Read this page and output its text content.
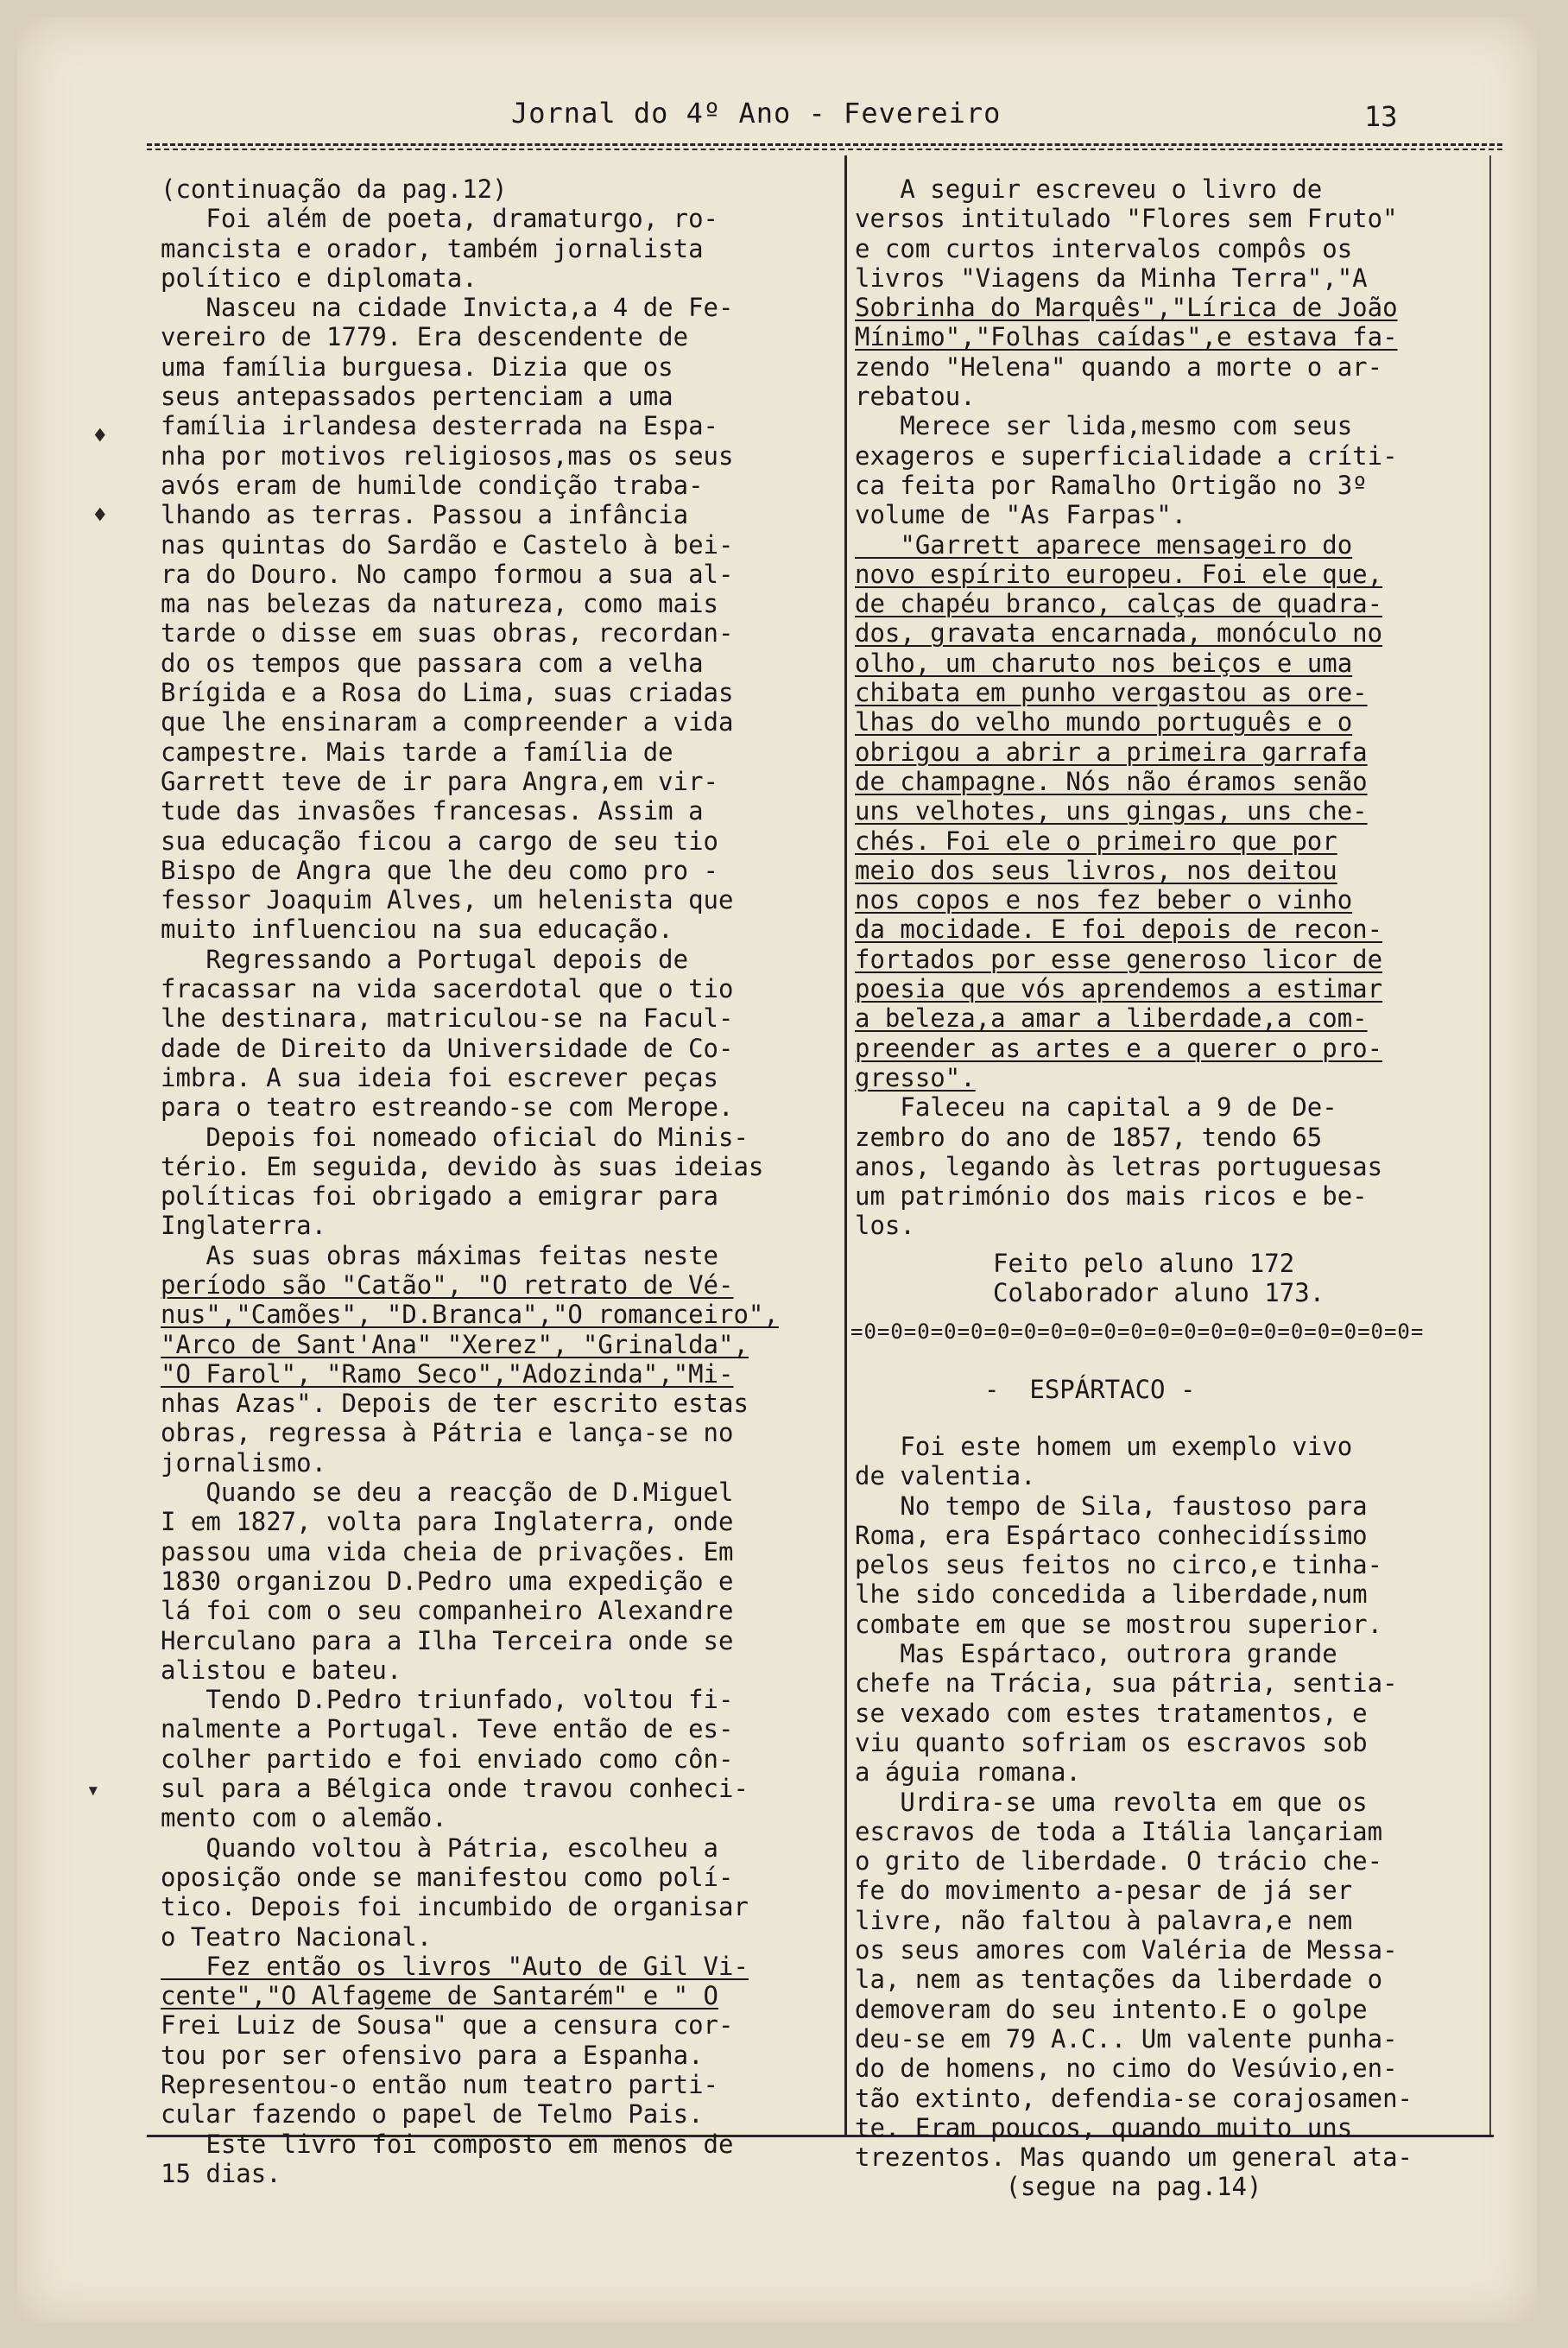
Jornal do 4º Ano - Fevereiro	13
♦
♦
▾

(continuação da pag.12)

Foi além de poeta, dramaturgo, ro-

mancista e orador, também jornalista

político e diplomata.

Nasceu na cidade Invicta,a 4 de Fe-

vereiro de 1779. Era descendente de

uma família burguesa. Dizia que os

seus antepassados pertenciam a uma

família irlandesa desterrada na Espa-

nha por motivos religiosos,mas os seus

avós eram de humilde condição traba-

lhando as terras. Passou a infância

nas quintas do Sardão e Castelo à bei-

ra do Douro. No campo formou a sua al-

ma nas belezas da natureza, como mais

tarde o disse em suas obras, recordan-

do os tempos que passara com a velha

Brígida e a Rosa do Lima, suas criadas

que lhe ensinaram a compreender a vida

campestre. Mais tarde a família de

Garrett teve de ir para Angra,em vir-

tude das invasões francesas. Assim a

sua educação ficou a cargo de seu tio

Bispo de Angra que lhe deu como pro -

fessor Joaquim Alves, um helenista que

muito influenciou na sua educação.

Regressando a Portugal depois de

fracassar na vida sacerdotal que o tio

lhe destinara, matriculou-se na Facul-

dade de Direito da Universidade de Co-

imbra. A sua ideia foi escrever peças

para o teatro estreando-se com Merope.

Depois foi nomeado oficial do Minis-

tério. Em seguida, devido às suas ideias

políticas foi obrigado a emigrar para

Inglaterra.

As suas obras máximas feitas neste

período são "Catão", "O retrato de Vé-

nus","Camões", "D.Branca","O romanceiro",

"Arco de Sant'Ana" "Xerez", "Grinalda",

"O Farol", "Ramo Seco","Adozinda","Mi-

nhas Azas". Depois de ter escrito estas

obras, regressa à Pátria e lança-se no

jornalismo.

Quando se deu a reacção de D.Miguel

I em 1827, volta para Inglaterra, onde

passou uma vida cheia de privações. Em

1830 organizou D.Pedro uma expedição e

lá foi com o seu companheiro Alexandre

Herculano para a Ilha Terceira onde se

alistou e bateu.

Tendo D.Pedro triunfado, voltou fi-

nalmente a Portugal. Teve então de es-

colher partido e foi enviado como côn-

sul para a Bélgica onde travou conheci-

mento com o alemão.

Quando voltou à Pátria, escolheu a

oposição onde se manifestou como polí-

tico. Depois foi incumbido de organisar

o Teatro Nacional.

Fez então os livros "Auto de Gil Vi-

cente","O Alfageme de Santarém" e " O

Frei Luiz de Sousa" que a censura cor-

tou por ser ofensivo para a Espanha.

Representou-o então num teatro parti-

cular fazendo o papel de Telmo Pais.

Este livro foi composto em menos de

15 dias.

A seguir escreveu o livro de

versos intitulado "Flores sem Fruto"

e com curtos intervalos compôs os

livros "Viagens da Minha Terra","A

Sobrinha do Marquês","Lírica de João

Mínimo","Folhas caídas",e estava fa-

zendo "Helena" quando a morte o ar-

rebatou.

Merece ser lida,mesmo com seus

exageros e superficialidade a críti-

ca feita por Ramalho Ortigão no 3º

volume de "As Farpas".

"Garrett aparece mensageiro do

novo espírito europeu. Foi ele que,

de chapéu branco, calças de quadra-

dos, gravata encarnada, monóculo no

olho, um charuto nos beiços e uma

chibata em punho vergastou as ore-

lhas do velho mundo português e o

obrigou a abrir a primeira garrafa

de champagne. Nós não éramos senão

uns velhotes, uns gingas, uns che-

chés. Foi ele o primeiro que por

meio dos seus livros, nos deitou

nos copos e nos fez beber o vinho

da mocidade. E foi depois de recon-

fortados por esse generoso licor de

poesia que vós aprendemos a estimar

a beleza,a amar a liberdade,a com-

preender as artes e a querer o pro-

gresso".

Faleceu na capital a 9 de De-

zembro do ano de 1857, tendo 65

anos, legando às letras portuguesas

um património dos mais ricos e be-

los.

Feito pelo aluno 172

Colaborador aluno 173.

=0=0=0=0=0=0=0=0=0=0=0=0=0=0=0=0=0=0=0=0=0=
-  ESPÁRTACO -

Foi este homem um exemplo vivo

de valentia.

No tempo de Sila, faustoso para

Roma, era Espártaco conhecidíssimo

pelos seus feitos no circo,e tinha-

lhe sido concedida a liberdade,num

combate em que se mostrou superior.

Mas Espártaco, outrora grande

chefe na Trácia, sua pátria, sentia-

se vexado com estes tratamentos, e

viu quanto sofriam os escravos sob

a águia romana.

Urdira-se uma revolta em que os

escravos de toda a Itália lançariam

o grito de liberdade. O trácio che-

fe do movimento a-pesar de já ser

livre, não faltou à palavra,e nem

os seus amores com Valéria de Messa-

la, nem as tentações da liberdade o

demoveram do seu intento.E o golpe

deu-se em 79 A.C.. Um valente punha-

do de homens, no cimo do Vesúvio,en-

tão extinto, defendia-se corajosamen-

te. Eram poucos, quando muito uns

trezentos. Mas quando um general ata-

(segue na pag.14)
